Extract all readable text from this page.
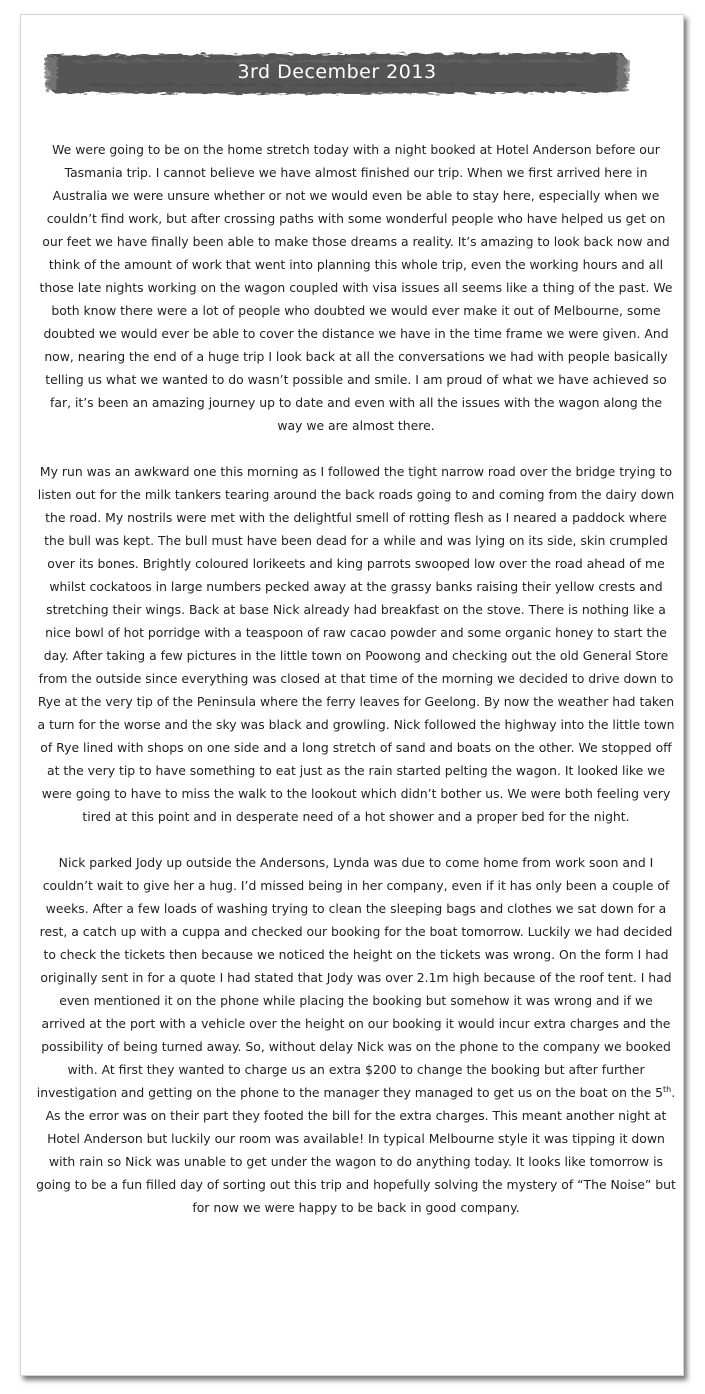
3rd December 2013

We were going to be on the home stretch today with a night booked at Hotel Anderson before our Tasmania trip. I cannot believe we have almost finished our trip. When we first arrived here in Australia we were unsure whether or not we would even be able to stay here, especially when we couldn’t find work, but after crossing paths with some wonderful people who have helped us get on our feet we have finally been able to make those dreams a reality. It’s amazing to look back now and think of the amount of work that went into planning this whole trip, even the working hours and all those late nights working on the wagon coupled with visa issues all seems like a thing of the past. We both know there were a lot of people who doubted we would ever make it out of Melbourne, some doubted we would ever be able to cover the distance we have in the time frame we were given. And now, nearing the end of a huge trip I look back at all the conversations we had with people basically telling us what we wanted to do wasn’t possible and smile. I am proud of what we have achieved so far, it’s been an amazing journey up to date and even with all the issues with the wagon along the way we are almost there.

My run was an awkward one this morning as I followed the tight narrow road over the bridge trying to listen out for the milk tankers tearing around the back roads going to and coming from the dairy down the road. My nostrils were met with the delightful smell of rotting flesh as I neared a paddock where the bull was kept. The bull must have been dead for a while and was lying on its side, skin crumpled over its bones. Brightly coloured lorikeets and king parrots swooped low over the road ahead of me whilst cockatoos in large numbers pecked away at the grassy banks raising their yellow crests and stretching their wings. Back at base Nick already had breakfast on the stove. There is nothing like a nice bowl of hot porridge with a teaspoon of raw cacao powder and some organic honey to start the day. After taking a few pictures in the little town on Poowong and checking out the old General Store from the outside since everything was closed at that time of the morning we decided to drive down to Rye at the very tip of the Peninsula where the ferry leaves for Geelong. By now the weather had taken a turn for the worse and the sky was black and growling. Nick followed the highway into the little town of Rye lined with shops on one side and a long stretch of sand and boats on the other. We stopped off at the very tip to have something to eat just as the rain started pelting the wagon. It looked like we were going to have to miss the walk to the lookout which didn’t bother us. We were both feeling very tired at this point and in desperate need of a hot shower and a proper bed for the night.

Nick parked Jody up outside the Andersons, Lynda was due to come home from work soon and I couldn’t wait to give her a hug. I’d missed being in her company, even if it has only been a couple of weeks. After a few loads of washing trying to clean the sleeping bags and clothes we sat down for a rest, a catch up with a cuppa and checked our booking for the boat tomorrow. Luckily we had decided to check the tickets then because we noticed the height on the tickets was wrong. On the form I had originally sent in for a quote I had stated that Jody was over 2.1m high because of the roof tent. I had even mentioned it on the phone while placing the booking but somehow it was wrong and if we arrived at the port with a vehicle over the height on our booking it would incur extra charges and the possibility of being turned away. So, without delay Nick was on the phone to the company we booked with. At first they wanted to charge us an extra $200 to change the booking but after further investigation and getting on the phone to the manager they managed to get us on the boat on the 5th. As the error was on their part they footed the bill for the extra charges. This meant another night at Hotel Anderson but luckily our room was available! In typical Melbourne style it was tipping it down with rain so Nick was unable to get under the wagon to do anything today. It looks like tomorrow is going to be a fun filled day of sorting out this trip and hopefully solving the mystery of “The Noise” but for now we were happy to be back in good company.
